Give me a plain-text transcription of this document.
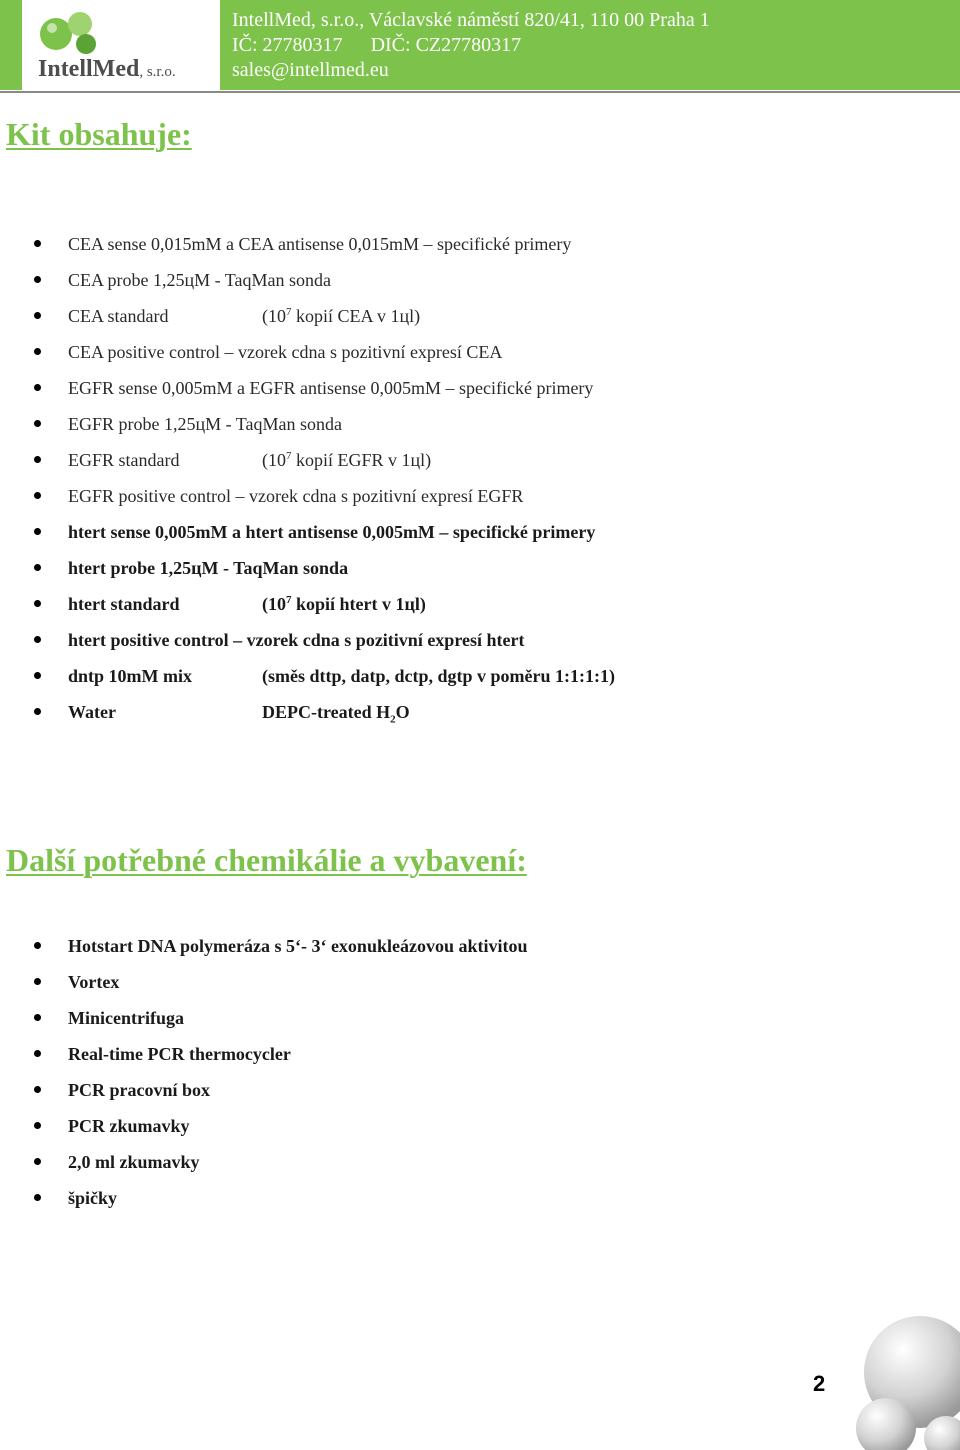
IntellMed, s.r.o.
IntellMed, s.r.o., Václavské náměstí 820/41, 110 00 Praha 1
IČ: 27780317 DIČ: CZ27780317
sales@intellmed.eu
Kit obsahuje:
CEA sense 0,015mM a CEA antisense 0,015mM – specifické primery
CEA probe 1,25цM - TaqMan sonda
CEA standard	($10^7$ kopií CEA v 1цl)
CEA positive control – vzorek cdna s pozitivní expresí CEA
EGFR sense 0,005mM a EGFR antisense 0,005mM – specifické primery
EGFR probe 1,25цM - TaqMan sonda
EGFR standard	($10^7$ kopií EGFR v 1цl)
EGFR positive control – vzorek cdna s pozitivní expresí EGFR
htert sense 0,005mM a htert antisense 0,005mM – specifické primery
htert probe 1,25цM - TaqMan sonda
htert standard	($10^7$ kopií htert v 1цl)
htert positive control – vzorek cdna s pozitivní expresí htert
dntp 10mM mix	(směs dttp, datp, dctp, dgtp v poměru 1:1:1:1)
Water	DEPC-treated $H_2O$
Další potřebné chemikálie a vybavení:
Hotstart DNA polymeráza s 5‘- 3‘ exonukleázovou aktivitou
Vortex
Minicentrifuga
Real-time PCR thermocycler
PCR pracovní box
PCR zkumavky
2,0 ml zkumavky
špičky
2
